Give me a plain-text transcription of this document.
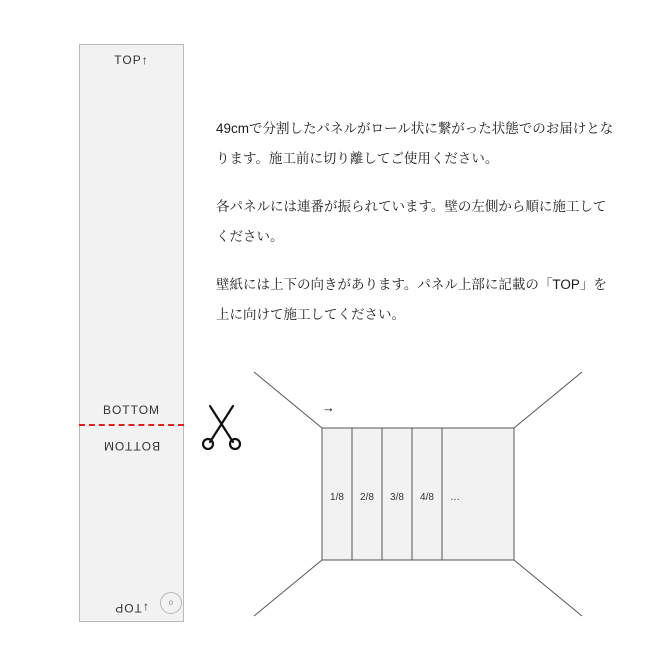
TOP↑
BOTTOM
BOTTOM
↓TOP	o

49cmで分割したパネルがロール状に繋がった状態でのお届けとなります。施工前に切り離してご使用ください。

各パネルには連番が振られています。壁の左側から順に施工してください。

壁紙には上下の向きがあります。パネル上部に記載の「TOP」を上に向けて施工してください。

1/8 2/8 3/8 4/8 …
→
